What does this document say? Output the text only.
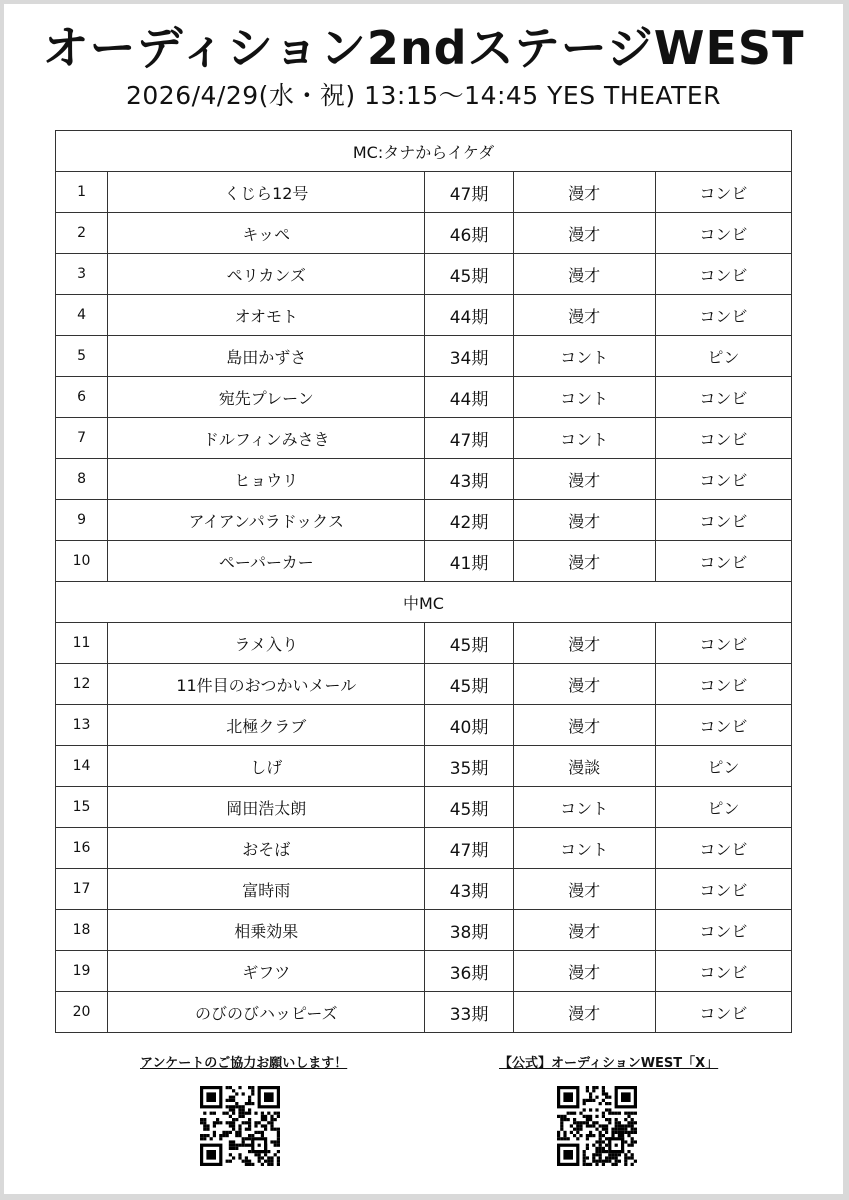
オーディション2ndステージWEST
2026/4/29(水・祝) 13:15～14:45 YES THEATER
MC:タナからイケダ				
1	くじら12号	47期	漫才	コンビ
2	キッペ	46期	漫才	コンビ
3	ペリカンズ	45期	漫才	コンビ
4	オオモト	44期	漫才	コンビ
5	島田かずさ	34期	コント	ピン
6	宛先プレーン	44期	コント	コンビ
7	ドルフィンみさき	47期	コント	コンビ
8	ヒョウリ	43期	漫才	コンビ
9	アイアンパラドックス	42期	漫才	コンビ
10	ペーパーカー	41期	漫才	コンビ
中MC				
11	ラメ入り	45期	漫才	コンビ
12	11件目のおつかいメール	45期	漫才	コンビ
13	北極クラブ	40期	漫才	コンビ
14	しげ	35期	漫談	ピン
15	岡田浩太朗	45期	コント	ピン
16	おそば	47期	コント	コンビ
17	富時雨	43期	漫才	コンビ
18	相乗効果	38期	漫才	コンビ
19	ギフツ	36期	漫才	コンビ
20	のびのびハッピーズ	33期	漫才	コンビ
アンケートのご協力お願いします！	【公式】オーディションWEST「X」
